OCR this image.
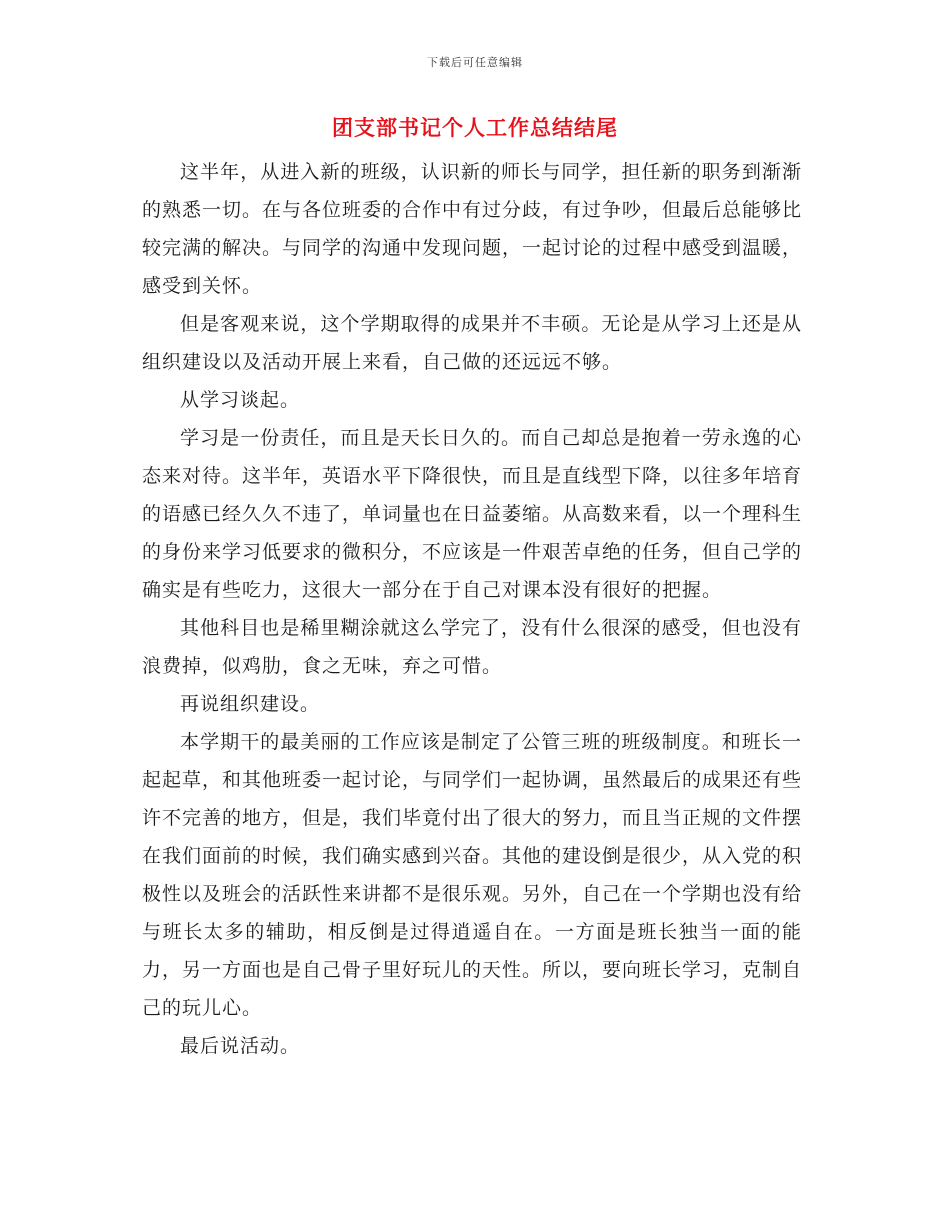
下载后可任意编辑
团支部书记个人工作总结结尾

这半年，从进入新的班级，认识新的师长与同学，担任新的职务到渐渐的熟悉一切。在与各位班委的合作中有过分歧，有过争吵，但最后总能够比较完满的解决。与同学的沟通中发现问题，一起讨论的过程中感受到温暖，感受到关怀。

但是客观来说，这个学期取得的成果并不丰硕。无论是从学习上还是从组织建设以及活动开展上来看，自己做的还远远不够。

从学习谈起。

学习是一份责任，而且是天长日久的。而自己却总是抱着一劳永逸的心态来对待。这半年，英语水平下降很快，而且是直线型下降，以往多年培育的语感已经久久不违了，单词量也在日益萎缩。从高数来看，以一个理科生的身份来学习低要求的微积分，不应该是一件艰苦卓绝的任务，但自己学的确实是有些吃力，这很大一部分在于自己对课本没有很好的把握。

其他科目也是稀里糊涂就这么学完了，没有什么很深的感受，但也没有浪费掉，似鸡肋，食之无味，弃之可惜。

再说组织建设。

本学期干的最美丽的工作应该是制定了公管三班的班级制度。和班长一起起草，和其他班委一起讨论，与同学们一起协调，虽然最后的成果还有些许不完善的地方，但是，我们毕竟付出了很大的努力，而且当正规的文件摆在我们面前的时候，我们确实感到兴奋。其他的建设倒是很少，从入党的积极性以及班会的活跃性来讲都不是很乐观。另外，自己在一个学期也没有给与班长太多的辅助，相反倒是过得逍遥自在。一方面是班长独当一面的能力，另一方面也是自己骨子里好玩儿的天性。所以，要向班长学习，克制自己的玩儿心。

最后说活动。
